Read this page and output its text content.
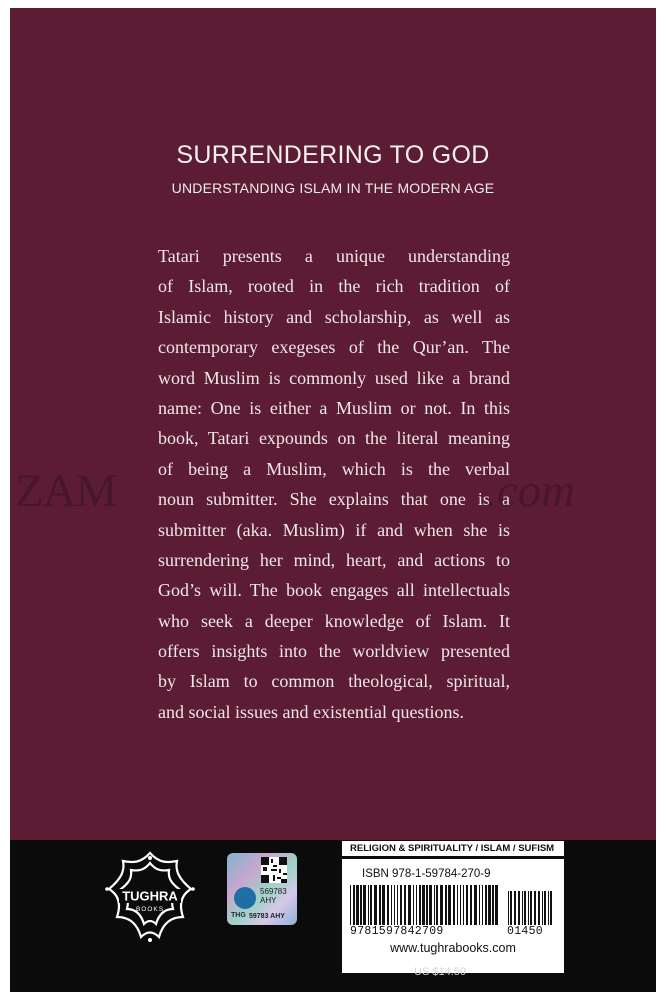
SURRENDERING TO GOD
UNDERSTANDING ISLAM IN THE MODERN AGE
Tatari presents a unique understanding
of Islam, rooted in the rich tradition of
Islamic history and scholarship, as well as
contemporary exegeses of the Qur’an. The
word Muslim is commonly used like a brand
name: One is either a Muslim or not. In this
book, Tatari expounds on the literal meaning
of being a Muslim, which is the verbal
noun submitter. She explains that one is a
submitter (aka. Muslim) if and when she is
surrendering her mind, heart, and actions to
God’s will. The book engages all intellectuals
who seek a deeper knowledge of Islam. It
offers insights into the worldview presented
by Islam to common theological, spiritual,
and social issues and existential questions.
ZAM	.com
TUGHRA
BOOKS
569783
AHY
THG 59783 AHY
RELIGION & SPIRITUALITY / ISLAM / SUFISM
ISBN 978-1-59784-270-9
9781597842709	01450
www.tughrabooks.com
US $14.50
